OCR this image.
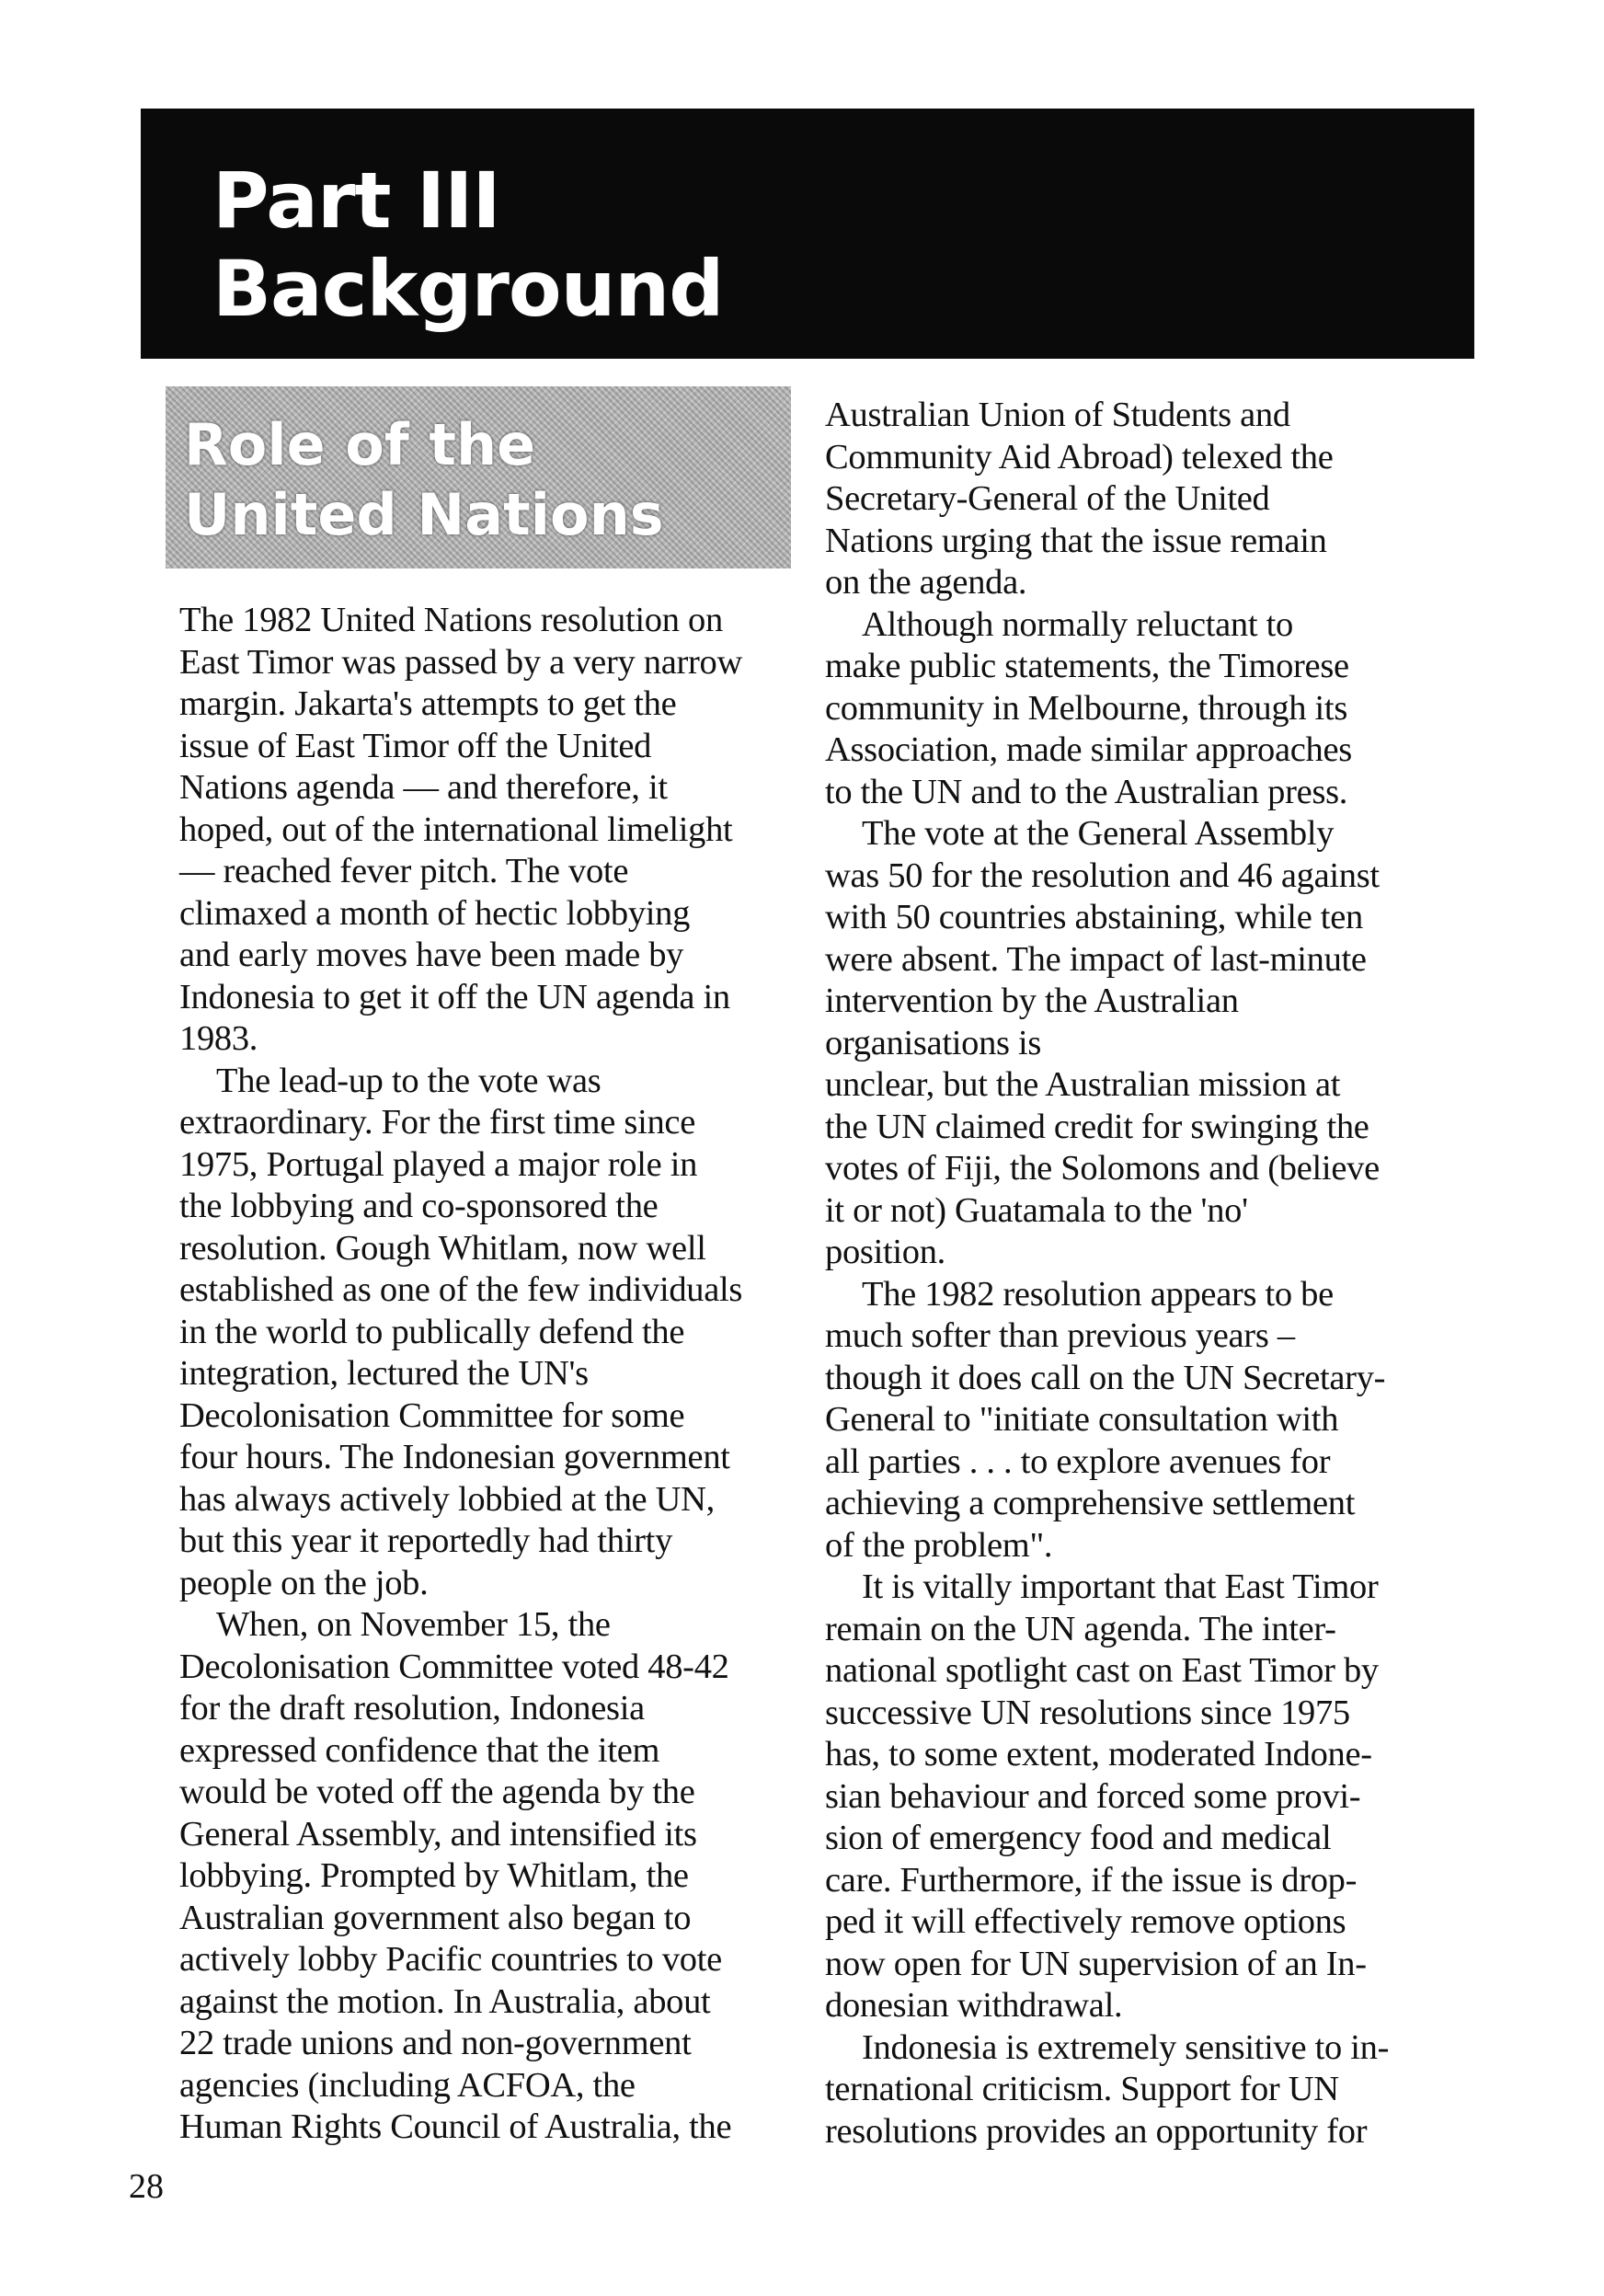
Part III
Background
Role of the
United Nations

The 1982 United Nations resolution on
East Timor was passed by a very narrow
margin. Jakarta's attempts to get the
issue of East Timor off the United
Nations agenda — and therefore, it
hoped, out of the international limelight
— reached fever pitch. The vote
climaxed a month of hectic lobbying
and early moves have been made by
Indonesia to get it off the UN agenda in
1983.

The lead-up to the vote was
extraordinary. For the first time since
1975, Portugal played a major role in
the lobbying and co-sponsored the
resolution. Gough Whitlam, now well
established as one of the few individuals
in the world to publically defend the
integration, lectured the UN's
Decolonisation Committee for some
four hours. The Indonesian government
has always actively lobbied at the UN,
but this year it reportedly had thirty
people on the job.

When, on November 15, the
Decolonisation Committee voted 48-42
for the draft resolution, Indonesia
expressed confidence that the item
would be voted off the agenda by the
General Assembly, and intensified its
lobbying. Prompted by Whitlam, the
Australian government also began to
actively lobby Pacific countries to vote
against the motion. In Australia, about
22 trade unions and non-government
agencies (including ACFOA, the
Human Rights Council of Australia, the

Australian Union of Students and
Community Aid Abroad) telexed the
Secretary-General of the United
Nations urging that the issue remain
on the agenda.

Although normally reluctant to
make public statements, the Timorese
community in Melbourne, through its
Association, made similar approaches
to the UN and to the Australian press.

The vote at the General Assembly
was 50 for the resolution and 46 against
with 50 countries abstaining, while ten
were absent. The impact of last-minute
intervention by the Australian
organisations is
unclear, but the Australian mission at
the UN claimed credit for swinging the
votes of Fiji, the Solomons and (believe
it or not) Guatamala to the 'no'
position.

The 1982 resolution appears to be
much softer than previous years –
though it does call on the UN Secretary-
General to "initiate consultation with
all parties . . . to explore avenues for
achieving a comprehensive settlement
of the problem".

It is vitally important that East Timor
remain on the UN agenda. The inter-
national spotlight cast on East Timor by
successive UN resolutions since 1975
has, to some extent, moderated Indone-
sian behaviour and forced some provi-
sion of emergency food and medical
care. Furthermore, if the issue is drop-
ped it will effectively remove options
now open for UN supervision of an In-
donesian withdrawal.

Indonesia is extremely sensitive to in-
ternational criticism. Support for UN
resolutions provides an opportunity for

28
